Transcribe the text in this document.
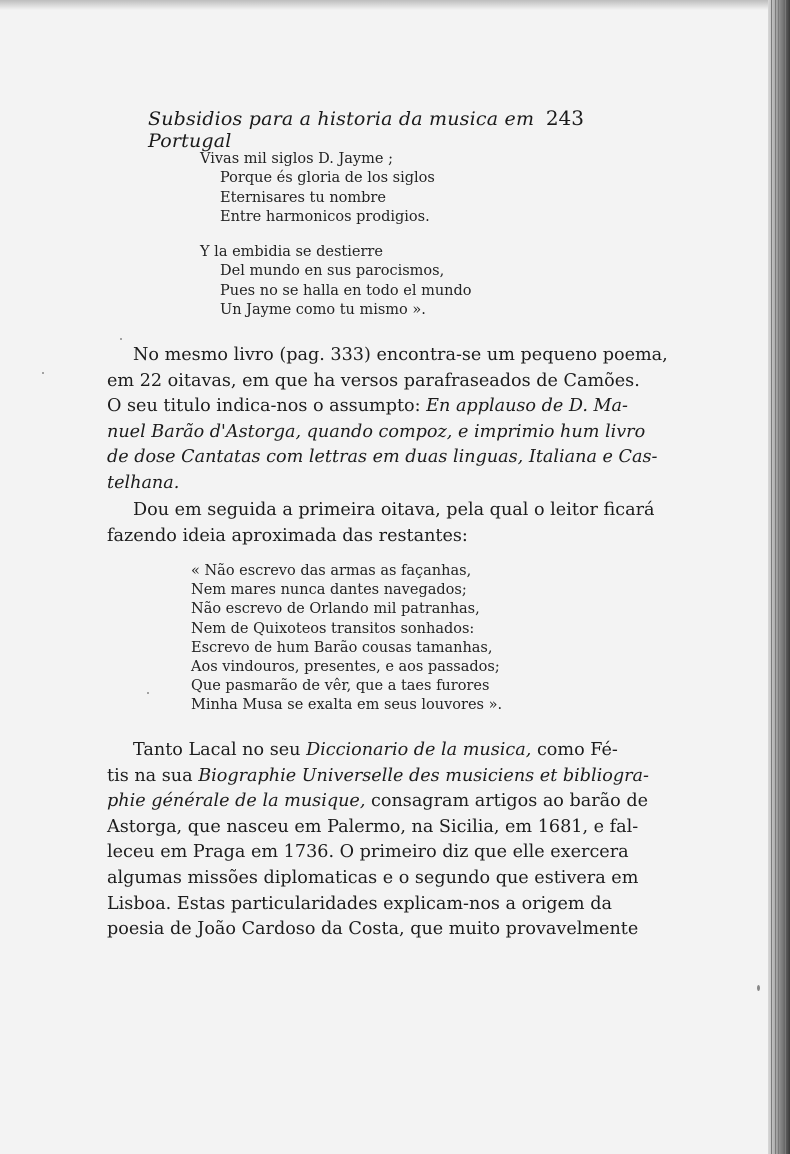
Subsidios para a historia da musica em Portugal
243
Vivas mil siglos D. Jayme ;
Porque és gloria de los siglos
Eternisares tu nombre
Entre harmonicos prodigios.
Y la embidia se destierre
Del mundo en sus parocismos,
Pues no se halla en todo el mundo
Un Jayme como tu mismo ».
No mesmo livro (pag. 333) encontra-se um pequeno poema,
em 22 oitavas, em que ha versos parafraseados de Camões.
O seu titulo indica-nos o assumpto: En applauso de D. Ma-
nuel Barão d'Astorga, quando compoz, e imprimio hum livro
de dose Cantatas com lettras em duas linguas, Italiana e Cas-
telhana.
Dou em seguida a primeira oitava, pela qual o leitor ficará
fazendo ideia aproximada das restantes:
« Não escrevo das armas as façanhas,
Nem mares nunca dantes navegados;
Não escrevo de Orlando mil patranhas,
Nem de Quixoteos transitos sonhados:
Escrevo de hum Barão cousas tamanhas,
Aos vindouros, presentes, e aos passados;
Que pasmarão de vêr, que a taes furores
Minha Musa se exalta em seus louvores ».
Tanto Lacal no seu Diccionario de la musica, como Fé-
tis na sua Biographie Universelle des musiciens et bibliogra-
phie générale de la musique, consagram artigos ao barão de
Astorga, que nasceu em Palermo, na Sicilia, em 1681, e fal-
leceu em Praga em 1736. O primeiro diz que elle exercera
algumas missões diplomaticas e o segundo que estivera em
Lisboa. Estas particularidades explicam-nos a origem da
poesia de João Cardoso da Costa, que muito provavelmente
